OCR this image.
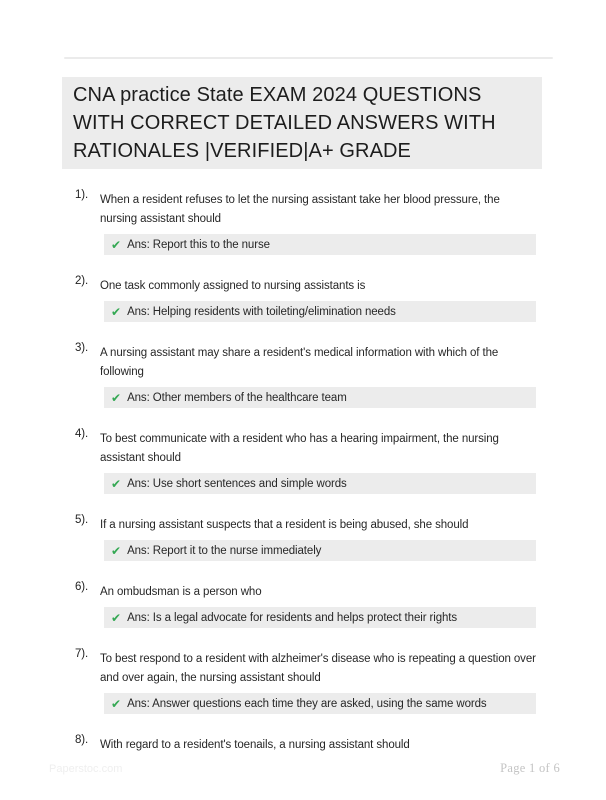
CNA practice State EXAM 2024 QUESTIONS WITH CORRECT DETAILED ANSWERS WITH RATIONALES |VERIFIED|A+ GRADE
1).	When a resident refuses to let the nursing assistant take her blood pressure, the nursing assistant should
✔ Ans: Report this to the nurse
2).	One task commonly assigned to nursing assistants is
✔ Ans: Helping residents with toileting/elimination needs
3).	A nursing assistant may share a resident's medical information with which of the following
✔ Ans: Other members of the healthcare team
4).	To best communicate with a resident who has a hearing impairment, the nursing assistant should
✔ Ans: Use short sentences and simple words
5).	If a nursing assistant suspects that a resident is being abused, she should
✔ Ans: Report it to the nurse immediately
6).	An ombudsman is a person who
✔ Ans: Is a legal advocate for residents and helps protect their rights
7).	To best respond to a resident with alzheimer's disease who is repeating a question over and over again, the nursing assistant should
✔ Ans: Answer questions each time they are asked, using the same words
8).	With regard to a resident's toenails, a nursing assistant should
Paperstoc.com	Page 1 of 6
